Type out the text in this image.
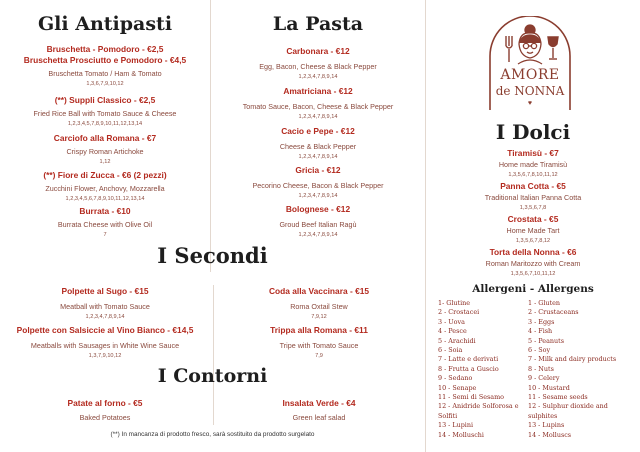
Gli Antipasti
Bruschetta - Pomodoro - €2,5
Bruschetta Prosciutto e Pomodoro - €4,5
Bruschetta Tomato / Ham & Tomato
1,3,6,7,9,10,12
(**) Suppli Classico - €2,5
Fried Rice Ball with Tomato Sauce & Cheese
1,2,3,4,5,7,8,9,10,11,12,13,14
Carciofo alla Romana - €7
Crispy Roman Artichoke
1,12
(**) Fiore di Zucca - €6 (2 pezzi)
Zucchini Flower, Anchovy, Mozzarella
1,2,3,4,5,6,7,8,9,10,11,12,13,14
Burrata - €10
Burrata Cheese with Olive Oil
7
La Pasta
Carbonara - €12
Egg, Bacon, Cheese & Black Pepper
1,2,3,4,7,8,9,14
Amatriciana - €12
Tomato Sauce, Bacon, Cheese & Black Pepper
1,2,3,4,7,8,9,14
Cacio e Pepe - €12
Cheese & Black Pepper
1,2,3,4,7,8,9,14
Gricia - €12
Pecorino Cheese, Bacon & Black Pepper
1,2,3,4,7,8,9,14
Bolognese - €12
Groud Beef Italian Ragù
1,2,3,4,7,8,9,14
I Secondi
Polpette al Sugo - €15
Meatball with Tomato Sauce
1,2,3,4,7,8,9,14
Polpette con Salsiccie al Vino Bianco - €14,5
Meatballs with Sausages in White Wine Sauce
1,3,7,9,10,12
Coda alla Vaccinara - €15
Roma Oxtail Stew
7,9,12
Trippa alla Romana - €11
Tripe with Tomato Sauce
7,9
I Contorni
Patate al forno - €5
Baked Potatoes
Insalata Verde - €4
Green leaf salad
(**) In mancanza di prodotto fresco, sarà sostituito da prodotto surgelato
AMORE
de NONNA
♥
I Dolci
Tiramisù - €7
Home made Tiramisù
1,3,5,6,7,8,10,11,12
Panna Cotta - €5
Traditional Italian Panna Cotta
1,3,5,6,7,8
Crostata - €5
Home Made Tart
1,3,5,6,7,8,12
Torta della Nonna - €6
Roman Maritozzo with Cream
1,3,5,6,7,10,11,12
Allergeni - Allergens
1- Glutine
2 - Crostacei
3 - Uova
4 - Pesce
5 - Arachidi
6 - Soia
7 - Latte e derivati
8 - Frutta a Guscio
9 - Sedano
10 - Senape
11 - Semi di Sesamo
12 - Anidride Solforosa e Solfiti
13 - Lupini
14 - Molluschi
1 - Gluten
2 - Crustaceans
3 - Eggs
4 - Fish
5 - Peanuts
6 - Soy
7 - Milk and dairy products
8 - Nuts
9 - Celery
10 - Mustard
11 - Sesame seeds
12 - Sulphur dioxide and sulphites
13 - Lupins
14 - Molluscs
